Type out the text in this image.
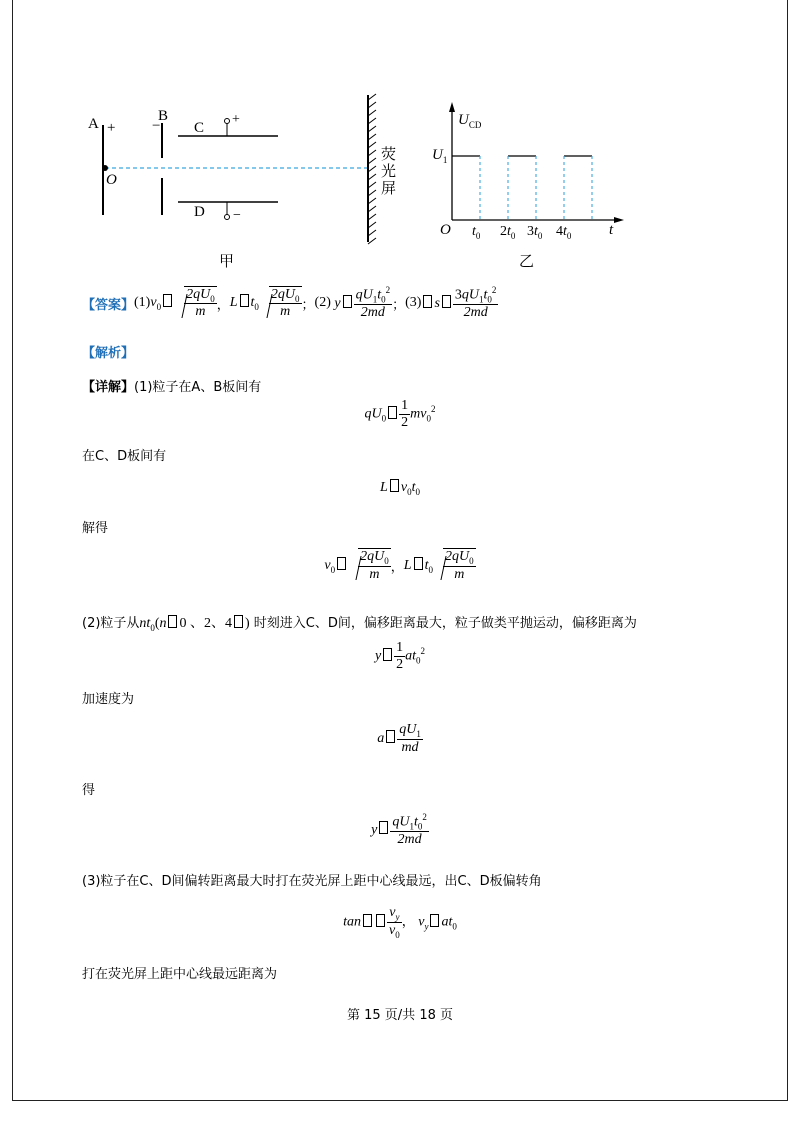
A + −
B
C
+
D −
O
荧
光
屏
甲
$U_{CD}$
$U_1$
O	t
$t_0$ $2t_0$ $3t_0$ $4t_0$
乙
【答案】 (1) $v_0$	$\frac{2qU_0}{m}$ ， L $t_0 \frac{2qU_0}{m}$ ； (2) y $\frac{qU_1t_0^2}{2md}$ ； (3) s $\frac{3qU_1t_0^2}{2md}$
【解析】
【详解】(1)粒子在A、B板间有
$qU_0 \frac{1}{2} mv_0^2$
在C、D板间有
L $v_0t_0$
解得
$v_0$	$\frac{2qU_0}{m}$ ， L $t_0 \frac{2qU_0}{m}$
(2)粒子从$nt_0(n$ 0 、2、4 ) 时刻进入C、D间，偏移距离最大，粒子做类平抛运动，偏移距离为
y $\frac{1}{2} at_0^2$
加速度为
a $\frac{qU_1}{md}$
得
y $\frac{qU_1t_0^2}{2md}$
(3)粒子在C、D间偏转距离最大时打在荧光屏上距中心线最远，出C、D板偏转角
$\tan \frac{v_y}{v_0}$ ， $v_y$ $at_0$
打在荧光屏上距中心线最远距离为
第 15 页/共 18 页
